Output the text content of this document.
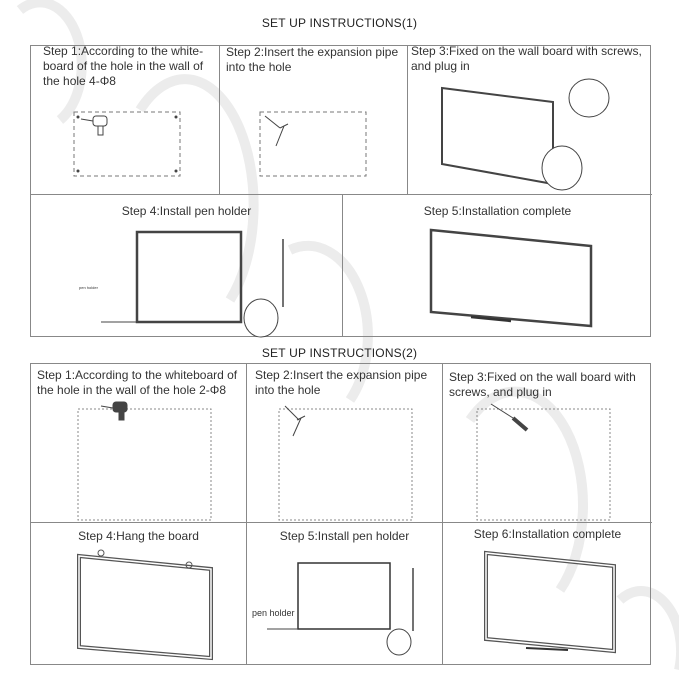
SET UP INSTRUCTIONS(1)
Step 1:According to the white-board of the hole in the wall of the hole 4-Φ8
Step 2:Insert the expansion pipe into the hole
Step 3:Fixed on the wall board with screws, and plug in
Step 4:Install pen holder
pen holder
Step 5:Installation complete
SET UP INSTRUCTIONS(2)
Step 1:According to the whiteboard of the hole in the wall of the hole 2-Φ8
Step 2:Insert the expansion pipe into the hole
Step 3:Fixed on the wall board with screws, and plug in
Step 4:Hang the board	Step 5:Install pen holder
pen holder
Step 6:Installation complete
